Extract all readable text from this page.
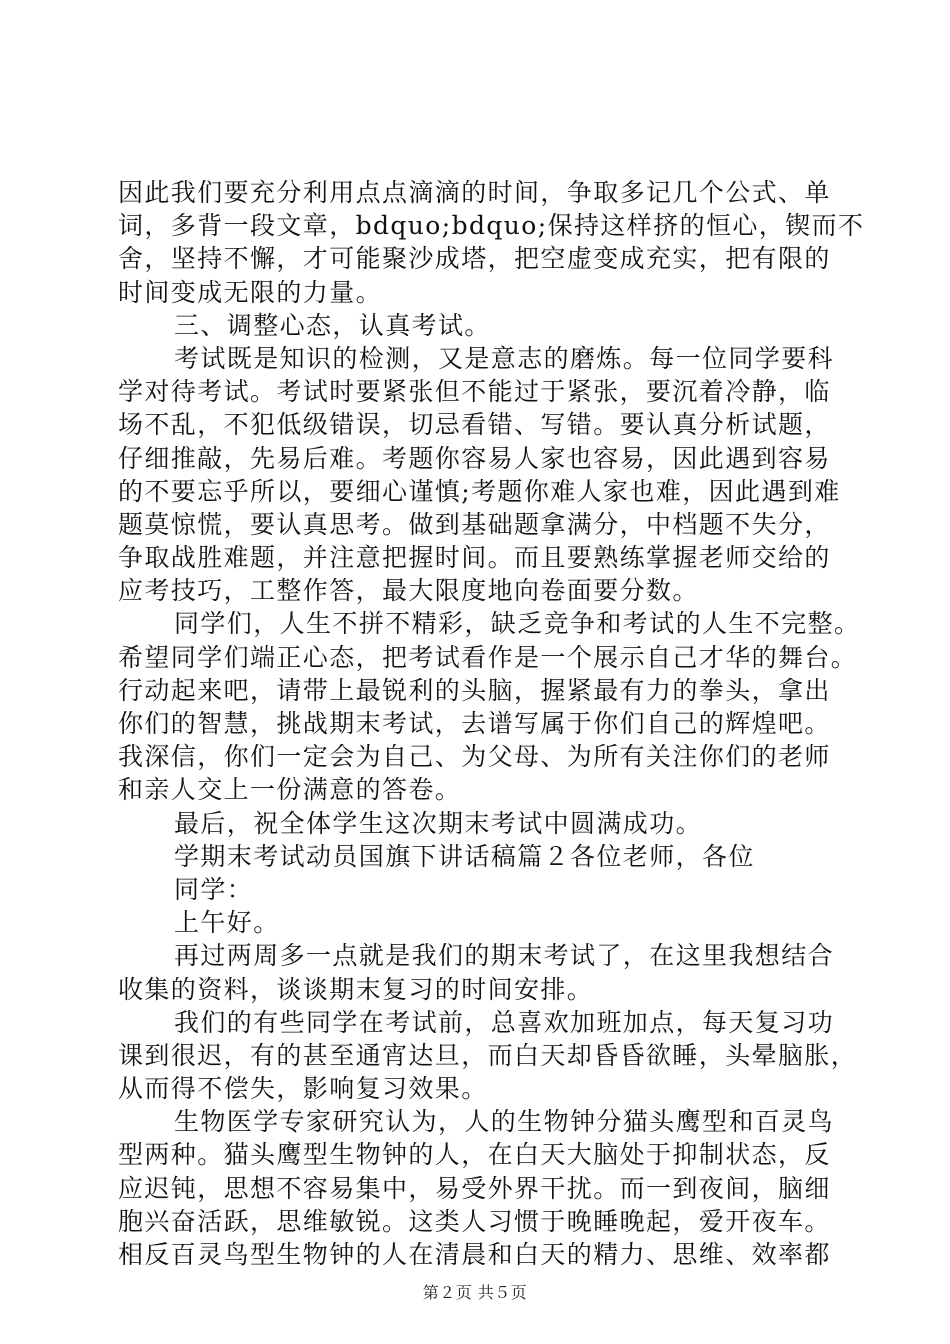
因此我们要充分利用点点滴滴的时间，争取多记几个公式、单
词，多背一段文章，bdquo;bdquo;保持这样挤的恒心，锲而不
舍，坚持不懈，才可能聚沙成塔，把空虚变成充实，把有限的
时间变成无限的力量。
三、调整心态，认真考试。
考试既是知识的检测，又是意志的磨炼。每一位同学要科
学对待考试。考试时要紧张但不能过于紧张，要沉着冷静，临
场不乱，不犯低级错误，切忌看错、写错。要认真分析试题，
仔细推敲，先易后难。考题你容易人家也容易，因此遇到容易
的不要忘乎所以，要细心谨慎;考题你难人家也难，因此遇到难
题莫惊慌，要认真思考。做到基础题拿满分，中档题不失分，
争取战胜难题，并注意把握时间。而且要熟练掌握老师交给的
应考技巧，工整作答，最大限度地向卷面要分数。
同学们，人生不拼不精彩，缺乏竞争和考试的人生不完整。
希望同学们端正心态，把考试看作是一个展示自己才华的舞台。
行动起来吧，请带上最锐利的头脑，握紧最有力的拳头，拿出
你们的智慧，挑战期末考试，去谱写属于你们自己的辉煌吧。
我深信，你们一定会为自己、为父母、为所有关注你们的老师
和亲人交上一份满意的答卷。
最后，祝全体学生这次期末考试中圆满成功。
学期末考试动员国旗下讲话稿篇２各位老师，各位
同学：
上午好。
再过两周多一点就是我们的期末考试了，在这里我想结合
收集的资料，谈谈期末复习的时间安排。
我们的有些同学在考试前，总喜欢加班加点，每天复习功
课到很迟，有的甚至通宵达旦，而白天却昏昏欲睡，头晕脑胀，
从而得不偿失，影响复习效果。
生物医学专家研究认为，人的生物钟分猫头鹰型和百灵鸟
型两种。猫头鹰型生物钟的人，在白天大脑处于抑制状态，反
应迟钝，思想不容易集中，易受外界干扰。而一到夜间，脑细
胞兴奋活跃，思维敏锐。这类人习惯于晚睡晚起，爱开夜车。
相反百灵鸟型生物钟的人在清晨和白天的精力、思维、效率都
第２页 共５页
